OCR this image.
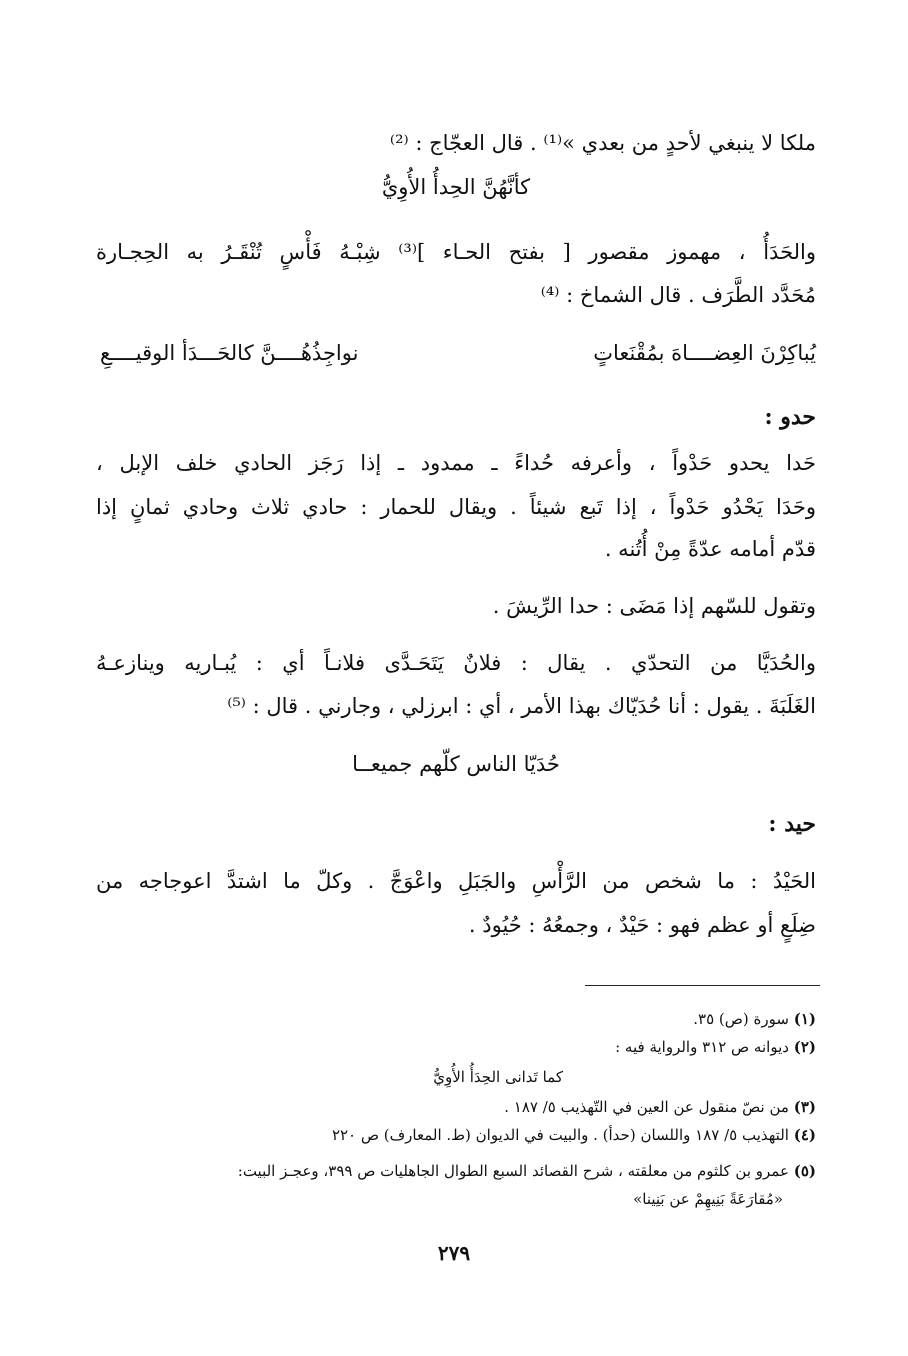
ملكا لا ينبغي لأحدٍ من بعدي »⁽¹⁾ . قال العجّاج : ⁽²⁾
كأنَّهُنَّ الحِدأُ الأُوِيُّ
والحَدَأُ ، مهموز مقصور [ بفتح الحـاء ]⁽³⁾ شِبْـهُ فَأْسٍ تُنْقَـرُ به الحِجـارة
مُحَدَّد الطَّرَف . قال الشماخ : ⁽⁴⁾
يُباكِرْنَ العِضــــاهَ بمُقْنَعاتٍ
نواجِذُهُــــنَّ كالحَـــدَأ الوقيــــعِ
حدو :
حَدا يحدو حَدْواً ، وأعرفه حُداءً ـ ممدود ـ إذا رَجَز الحادي خلف الإبل ،
وحَدَا يَحْدُو حَدْواً ، إذا تَبع شيئاً . ويقال للحمار : حادي ثلاث وحادي ثمانٍ إذا
قدّم أمامه عدّةً مِنْ أُتُنه .
وتقول للسّهم إذا مَضَى : حدا الرِّيشَ .
والحُدَيَّا من التحدّي . يقال : فلانٌ يَتَحَـدَّى فلانـاً أي : يُبـاريه وينازعـهُ
الغَلَبَةَ . يقول : أنا حُدَيّاك بهذا الأمر ، أي : ابرزلي ، وجارني . قال : ⁽⁵⁾
حُدَيّا الناس كلّهم جميعــا
حيد :
الحَيْدُ : ما شخص من الرَّأْسِ والجَبَلِ واعْوَجَّ . وكلّ ما اشتدَّ اعوجاجه من
ضِلَعٍ أو عظم فهو : حَيْدٌ ، وجمعُهُ : حُيُودٌ .
(١) سورة (ص) ٣٥.
(٢) ديوانه ص ٣١٢ والرواية فيه :
كما تَدانى الحِدَأُ الأُوِيُّ
(٣) من نصّ منقول عن العين في التّهذيب ٥/ ١٨٧ .
(٤) التهذيب ٥/ ١٨٧ واللسان (حدأ) . والبيت في الديوان (ط. المعارف) ص ٢٢٠
(٥) عمرو بن كلثوم من معلقته ، شرح القصائد السبع الطوال الجاهليات ص ٣٩٩، وعجـز البيت:
«مُقارَعَةً بَنِيهِمْ عن بَنِينا»
٢٧٩
